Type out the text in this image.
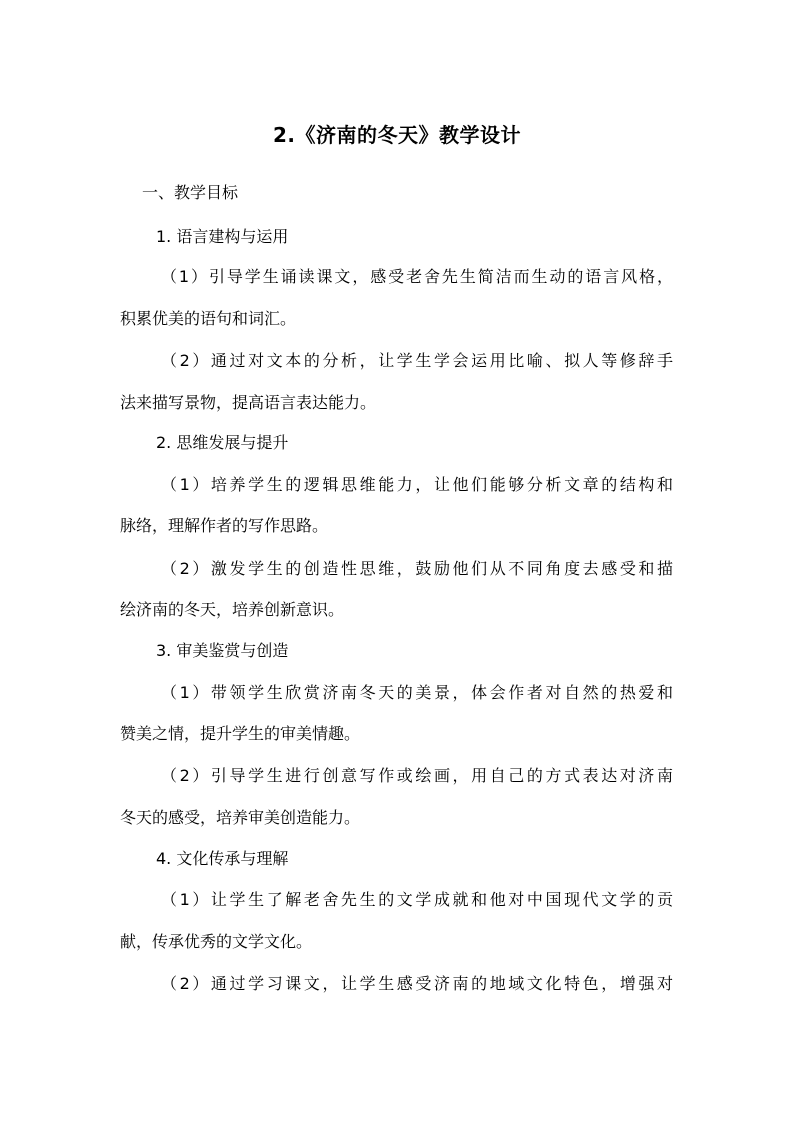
2.《济南的冬天》教学设计
一、教学目标
1. 语言建构与运用
（1）引导学生诵读课文，感受老舍先生简洁而生动的语言风格，
积累优美的语句和词汇。
（2）通过对文本的分析，让学生学会运用比喻、拟人等修辞手
法来描写景物，提高语言表达能力。
2. 思维发展与提升
（1）培养学生的逻辑思维能力，让他们能够分析文章的结构和
脉络，理解作者的写作思路。
（2）激发学生的创造性思维，鼓励他们从不同角度去感受和描
绘济南的冬天，培养创新意识。
3. 审美鉴赏与创造
（1）带领学生欣赏济南冬天的美景，体会作者对自然的热爱和
赞美之情，提升学生的审美情趣。
（2）引导学生进行创意写作或绘画，用自己的方式表达对济南
冬天的感受，培养审美创造能力。
4. 文化传承与理解
（1）让学生了解老舍先生的文学成就和他对中国现代文学的贡
献，传承优秀的文学文化。
（2）通过学习课文，让学生感受济南的地域文化特色，增强对
